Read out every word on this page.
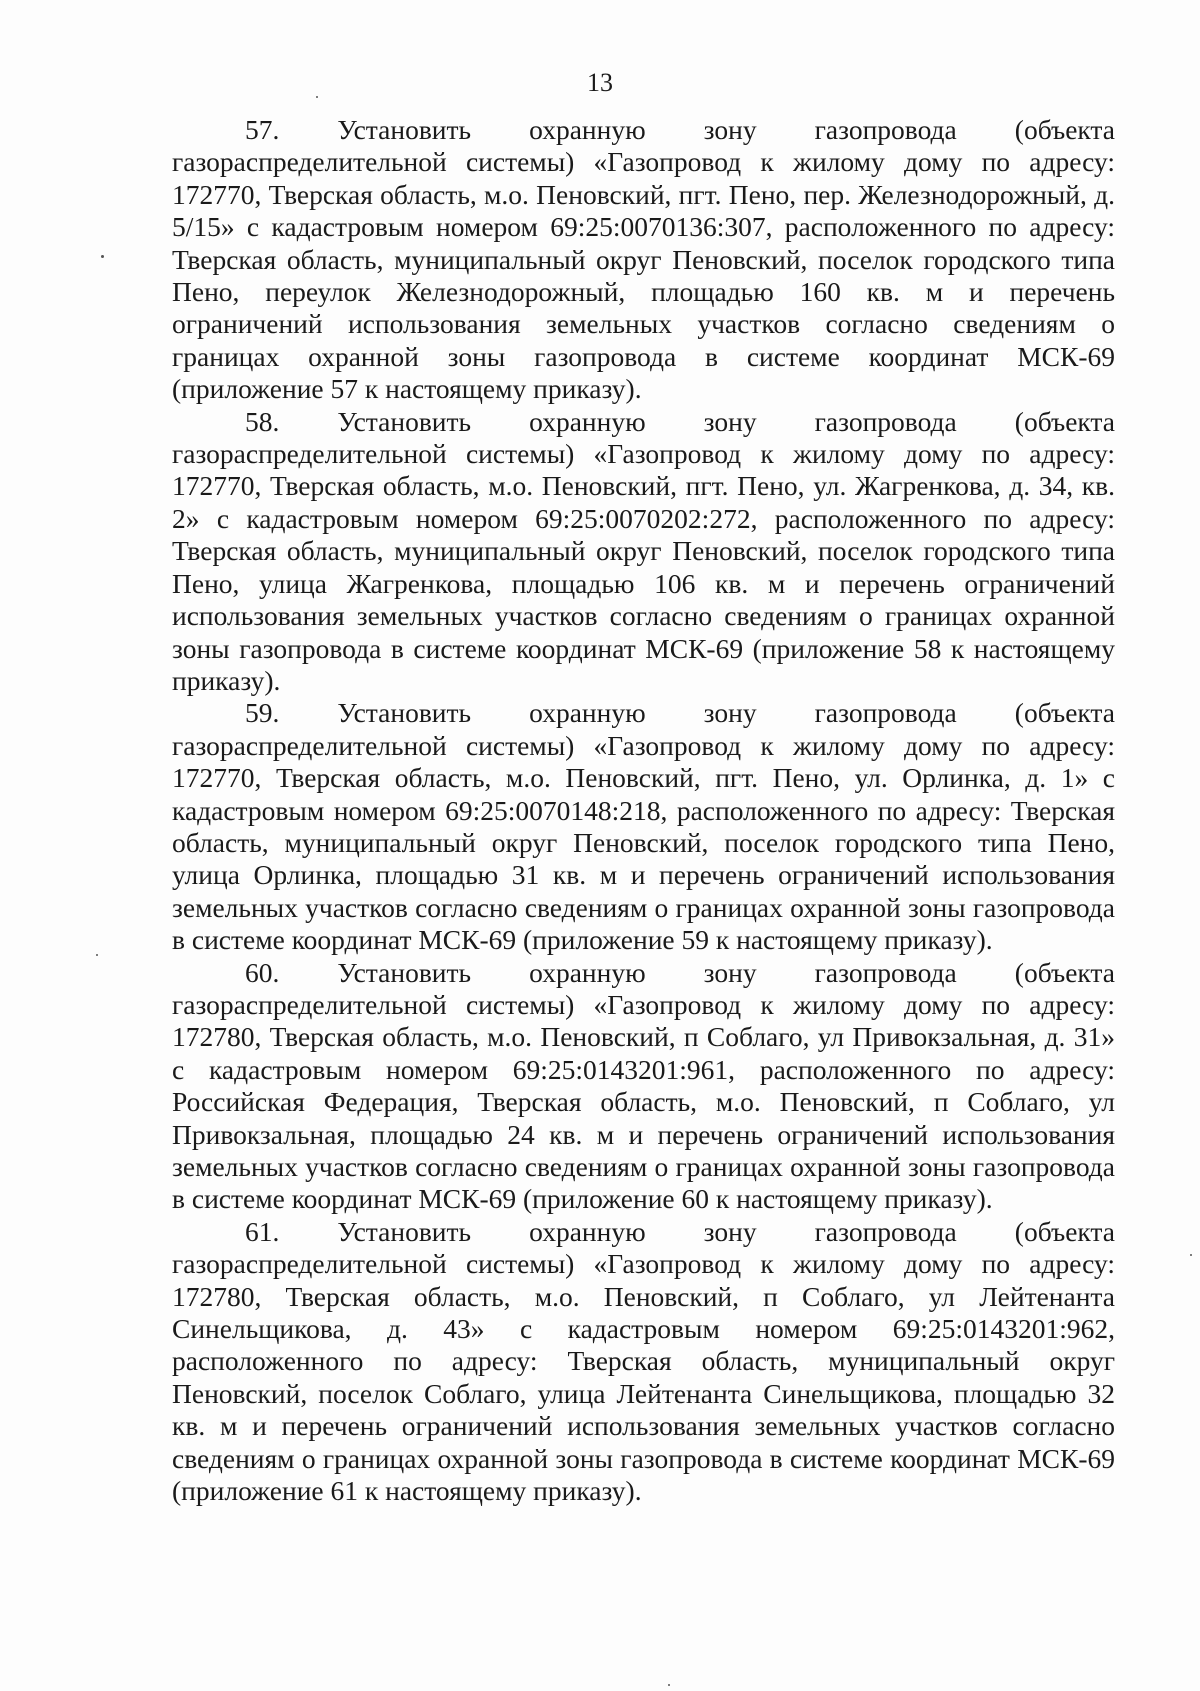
13

57. Установить охранную зону газопровода (объекта газораспределительной системы) «Газопровод к жилому дому по адресу: 172770, Тверская область, м.о. Пеновский, пгт. Пено, пер. Железнодорожный, д. 5/15» с кадастровым номером 69:25:0070136:307, расположенного по адресу: Тверская область, муниципальный округ Пеновский, поселок городского типа Пено, переулок Железнодорожный, площадью 160 кв. м и перечень ограничений использования земельных участков согласно сведениям о границах охранной зоны газопровода в системе координат МСК-69 (приложение 57 к настоящему приказу).

58. Установить охранную зону газопровода (объекта газораспределительной системы) «Газопровод к жилому дому по адресу: 172770, Тверская область, м.о. Пеновский, пгт. Пено, ул. Жагренкова, д. 34, кв. 2» с кадастровым номером 69:25:0070202:272, расположенного по адресу: Тверская область, муниципальный округ Пеновский, поселок городского типа Пено, улица Жагренкова, площадью 106 кв. м и перечень ограничений использования земельных участков согласно сведениям о границах охранной зоны газопровода в системе координат МСК-69 (приложение 58 к настоящему приказу).

59. Установить охранную зону газопровода (объекта газораспределительной системы) «Газопровод к жилому дому по адресу: 172770, Тверская область, м.о. Пеновский, пгт. Пено, ул. Орлинка, д. 1» с кадастровым номером 69:25:0070148:218, расположенного по адресу: Тверская область, муниципальный округ Пеновский, поселок городского типа Пено, улица Орлинка, площадью 31 кв. м и перечень ограничений использования земельных участков согласно сведениям о границах охранной зоны газопровода в системе координат МСК-69 (приложение 59 к настоящему приказу).

60. Установить охранную зону газопровода (объекта газораспределительной системы) «Газопровод к жилому дому по адресу: 172780, Тверская область, м.о. Пеновский, п Соблаго, ул Привокзальная, д. 31» с кадастровым номером 69:25:0143201:961, расположенного по адресу: Российская Федерация, Тверская область, м.о. Пеновский, п Соблаго, ул Привокзальная, площадью 24 кв. м и перечень ограничений использования земельных участков согласно сведениям о границах охранной зоны газопровода в системе координат МСК-69 (приложение 60 к настоящему приказу).

61. Установить охранную зону газопровода (объекта газораспределительной системы) «Газопровод к жилому дому по адресу: 172780, Тверская область, м.о. Пеновский, п Соблаго, ул Лейтенанта Синельщикова, д. 43» с кадастровым номером 69:25:0143201:962, расположенного по адресу: Тверская область, муниципальный округ Пеновский, поселок Соблаго, улица Лейтенанта Синельщикова, площадью 32 кв. м и перечень ограничений использования земельных участков согласно сведениям о границах охранной зоны газопровода в системе координат МСК-69 (приложение 61 к настоящему приказу).
